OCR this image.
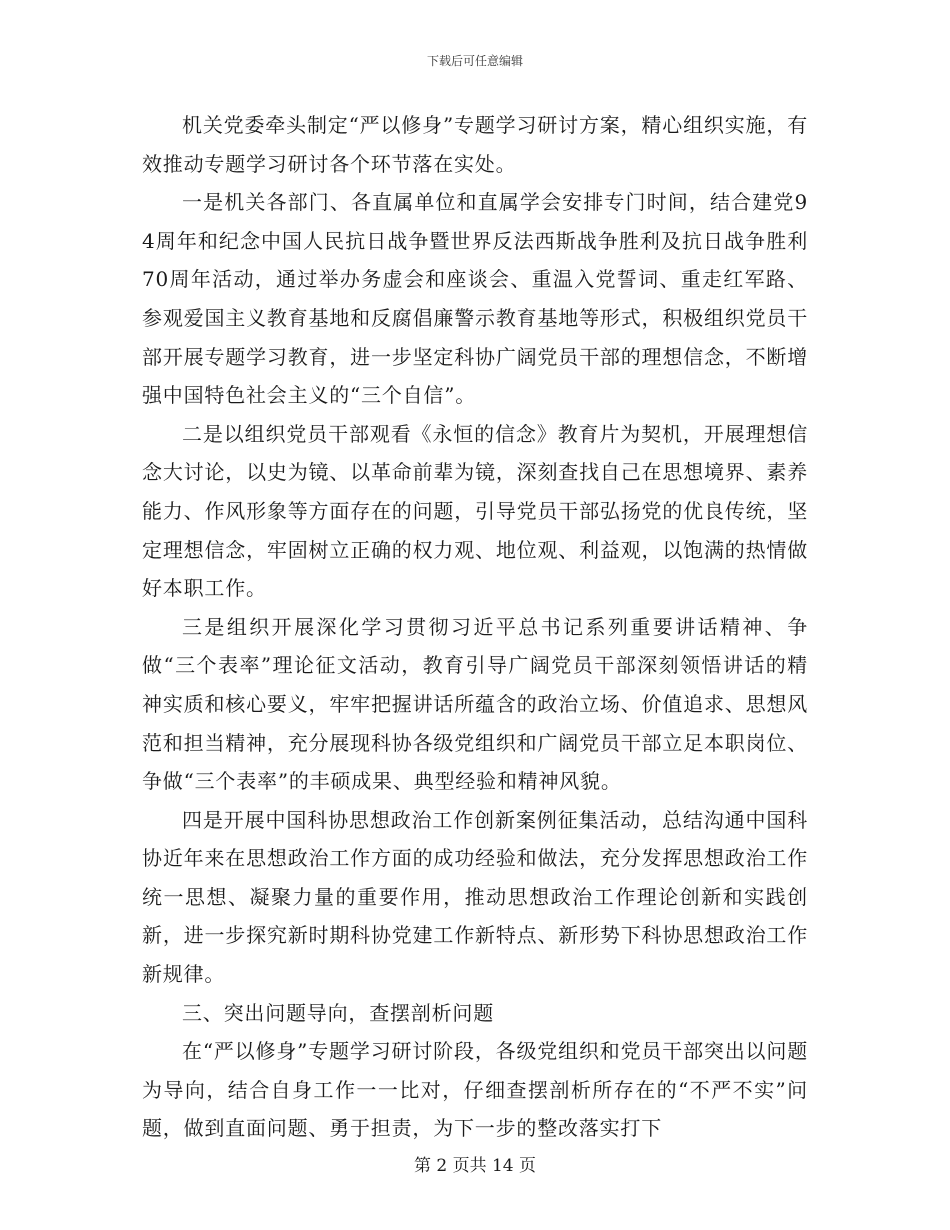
下载后可任意编辑

机关党委牵头制定“严以修身”专题学习研讨方案，精心组织实施，有效推动专题学习研讨各个环节落在实处。

一是机关各部门、各直属单位和直属学会安排专门时间，结合建党94周年和纪念中国人民抗日战争暨世界反法西斯战争胜利及抗日战争胜利70周年活动，通过举办务虚会和座谈会、重温入党誓词、重走红军路、参观爱国主义教育基地和反腐倡廉警示教育基地等形式，积极组织党员干部开展专题学习教育，进一步坚定科协广阔党员干部的理想信念，不断增强中国特色社会主义的“三个自信”。

二是以组织党员干部观看《永恒的信念》教育片为契机，开展理想信念大讨论，以史为镜、以革命前辈为镜，深刻查找自己在思想境界、素养能力、作风形象等方面存在的问题，引导党员干部弘扬党的优良传统，坚定理想信念，牢固树立正确的权力观、地位观、利益观，以饱满的热情做好本职工作。

三是组织开展深化学习贯彻习近平总书记系列重要讲话精神、争做“三个表率”理论征文活动，教育引导广阔党员干部深刻领悟讲话的精神实质和核心要义，牢牢把握讲话所蕴含的政治立场、价值追求、思想风范和担当精神，充分展现科协各级党组织和广阔党员干部立足本职岗位、争做“三个表率”的丰硕成果、典型经验和精神风貌。

四是开展中国科协思想政治工作创新案例征集活动，总结沟通中国科协近年来在思想政治工作方面的成功经验和做法，充分发挥思想政治工作统一思想、凝聚力量的重要作用，推动思想政治工作理论创新和实践创新，进一步探究新时期科协党建工作新特点、新形势下科协思想政治工作新规律。

三、突出问题导向，查摆剖析问题

在“严以修身”专题学习研讨阶段，各级党组织和党员干部突出以问题为导向，结合自身工作一一比对，仔细查摆剖析所存在的“不严不实”问题，做到直面问题、勇于担责，为下一步的整改落实打下

第 2 页共 14 页
